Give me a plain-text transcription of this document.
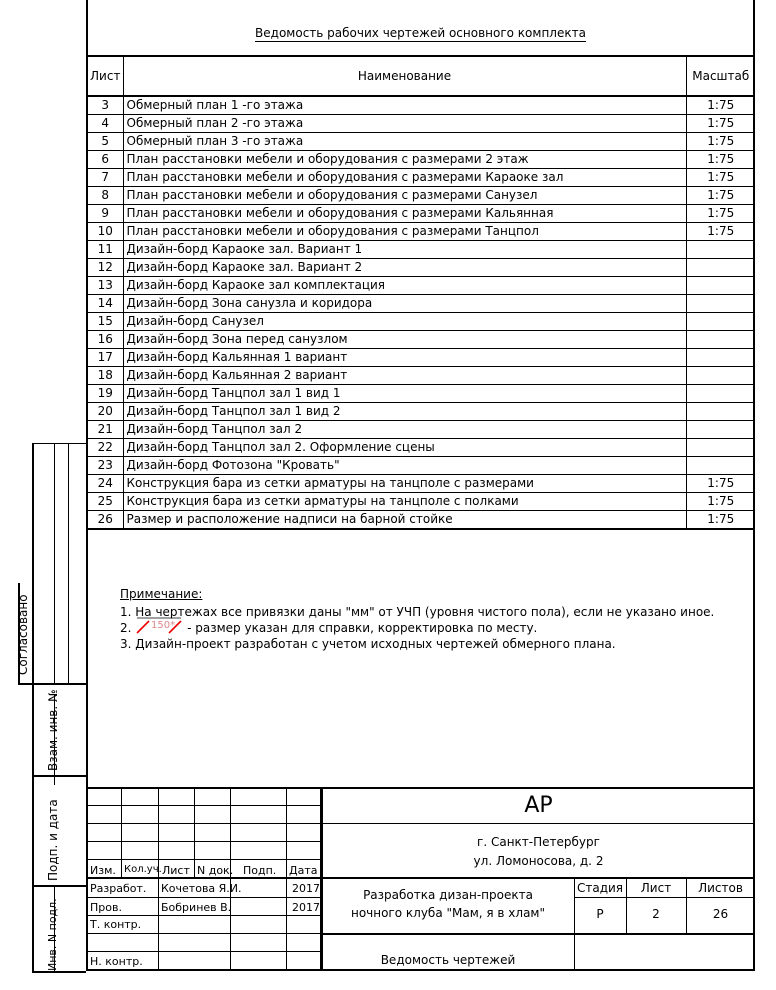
Ведомость рабочих чертежей основного комплекта
Лист	Наименование	Масштаб
3	Обмерный план 1 -го этажа	1:75
4	Обмерный план 2 -го этажа	1:75
5	Обмерный план 3 -го этажа	1:75
6	План расстановки мебели и оборудования с размерами 2 этаж	1:75
7	План расстановки мебели и оборудования с размерами Караоке зал	1:75
8	План расстановки мебели и оборудования с размерами Санузел	1:75
9	План расстановки мебели и оборудования с размерами Кальянная	1:75
10	План расстановки мебели и оборудования с размерами Танцпол	1:75
11	Дизайн-борд Караоке зал. Вариант 1	
12	Дизайн-борд Караоке зал. Вариант 2	
13	Дизайн-борд Караоке зал комплектация	
14	Дизайн-борд Зона санузла и коридора	
15	Дизайн-борд Санузел	
16	Дизайн-борд Зона перед санузлом	
17	Дизайн-борд Кальянная 1 вариант	
18	Дизайн-борд Кальянная 2 вариант	
19	Дизайн-борд Танцпол зал 1 вид 1	
20	Дизайн-борд Танцпол зал 1 вид 2	
21	Дизайн-борд Танцпол зал 2	
22	Дизайн-борд Танцпол зал 2. Оформление сцены	
23	Дизайн-борд Фотозона "Кровать"	
24	Конструкция бара из сетки арматуры на танцполе с размерами	1:75
25	Конструкция бара из сетки арматуры на танцполе с полками	1:75
26	Размер и расположение надписи на барной стойке	1:75
Примечание:
1. На чертежах все привязки даны "мм" от УЧП (уровня чистого пола), если не указано иное.
2. 150* - размер указан для справки, корректировка по месту.
3. Дизайн-проект разработан с учетом исходных чертежей обмерного плана.
Согласовано
Взам. инв. №
Подп. и дата
Инв. N подл.
АР
г. Санкт-Петербург
ул. Ломоносова, д. 2
Изм. Кол.уч. Лист N док. Подп. Дата
Разработ. Кочетова Я.И.	2017
Пров.	Бобринев В.	2017
Т. контр.
Н. контр.
Разработка дизан-проекта
ночного клуба "Мам, я в хлам"
Стадия	Лист	Листов
Р	2	26
Ведомость чертежей
